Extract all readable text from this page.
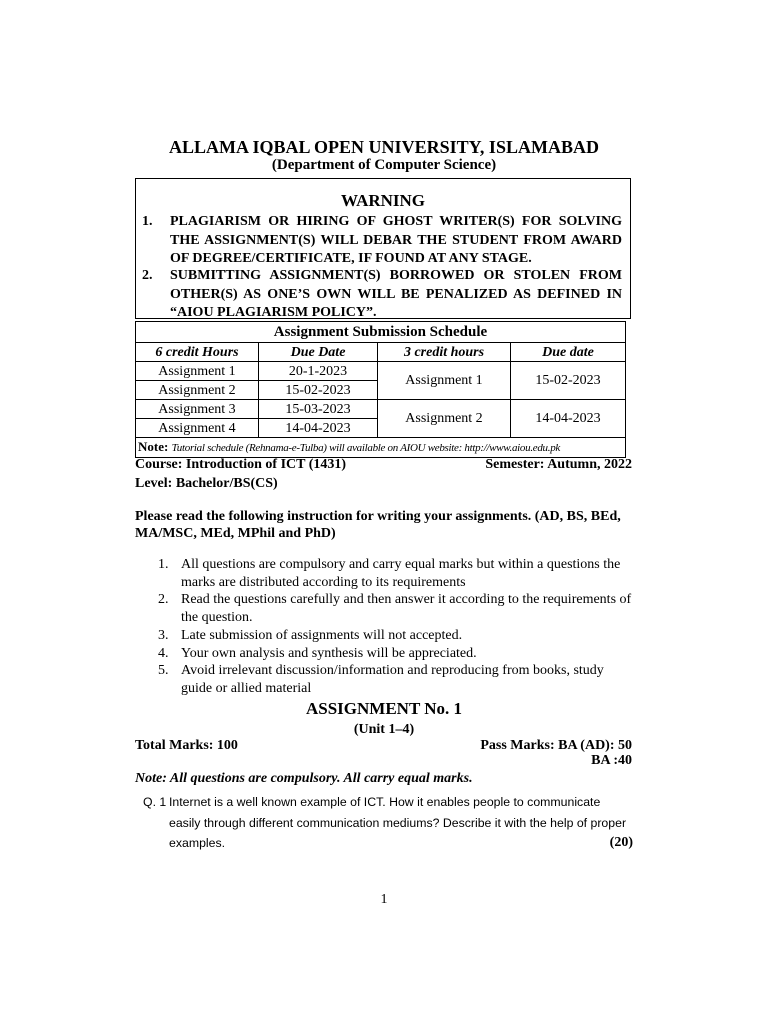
ALLAMA IQBAL OPEN UNIVERSITY, ISLAMABAD
(Department of Computer Science)
WARNING
1. PLAGIARISM OR HIRING OF GHOST WRITER(S) FOR SOLVING THE ASSIGNMENT(S) WILL DEBAR THE STUDENT FROM AWARD OF DEGREE/CERTIFICATE, IF FOUND AT ANY STAGE.
2. SUBMITTING ASSIGNMENT(S) BORROWED OR STOLEN FROM OTHER(S) AS ONE’S OWN WILL BE PENALIZED AS DEFINED IN “AIOU PLAGIARISM POLICY”.
Assignment Submission Schedule			
6 credit Hours	Due Date	3 credit hours	Due date
Assignment 1	20-1-2023	Assignment 1	15-02-2023
Assignment 2	15-02-2023		
Assignment 3	15-03-2023	Assignment 2	14-04-2023
Assignment 4	14-04-2023		
Note: Tutorial schedule (Rehnama-e-Tulba) will available on AIOU website: http://www.aiou.edu.pk			
Course: Introduction of ICT (1431)	Semester: Autumn, 2022
Level: Bachelor/BS(CS)
Please read the following instruction for writing your assignments. (AD, BS, BEd, MA/MSC, MEd, MPhil and PhD)
1. All questions are compulsory and carry equal marks but within a questions the marks are distributed according to its requirements
2. Read the questions carefully and then answer it according to the requirements of the question.
3. Late submission of assignments will not accepted.
4. Your own analysis and synthesis will be appreciated.
5. Avoid irrelevant discussion/information and reproducing from books, study guide or allied material
ASSIGNMENT No. 1
(Unit 1–4)
Total Marks: 100	Pass Marks: BA (AD): 50
BA :40
Note: All questions are compulsory. All carry equal marks.
Q. 1 Internet is a well known example of ICT. How it enables people to communicate easily through different communication mediums? Describe it with the help of proper examples.	(20)
1
